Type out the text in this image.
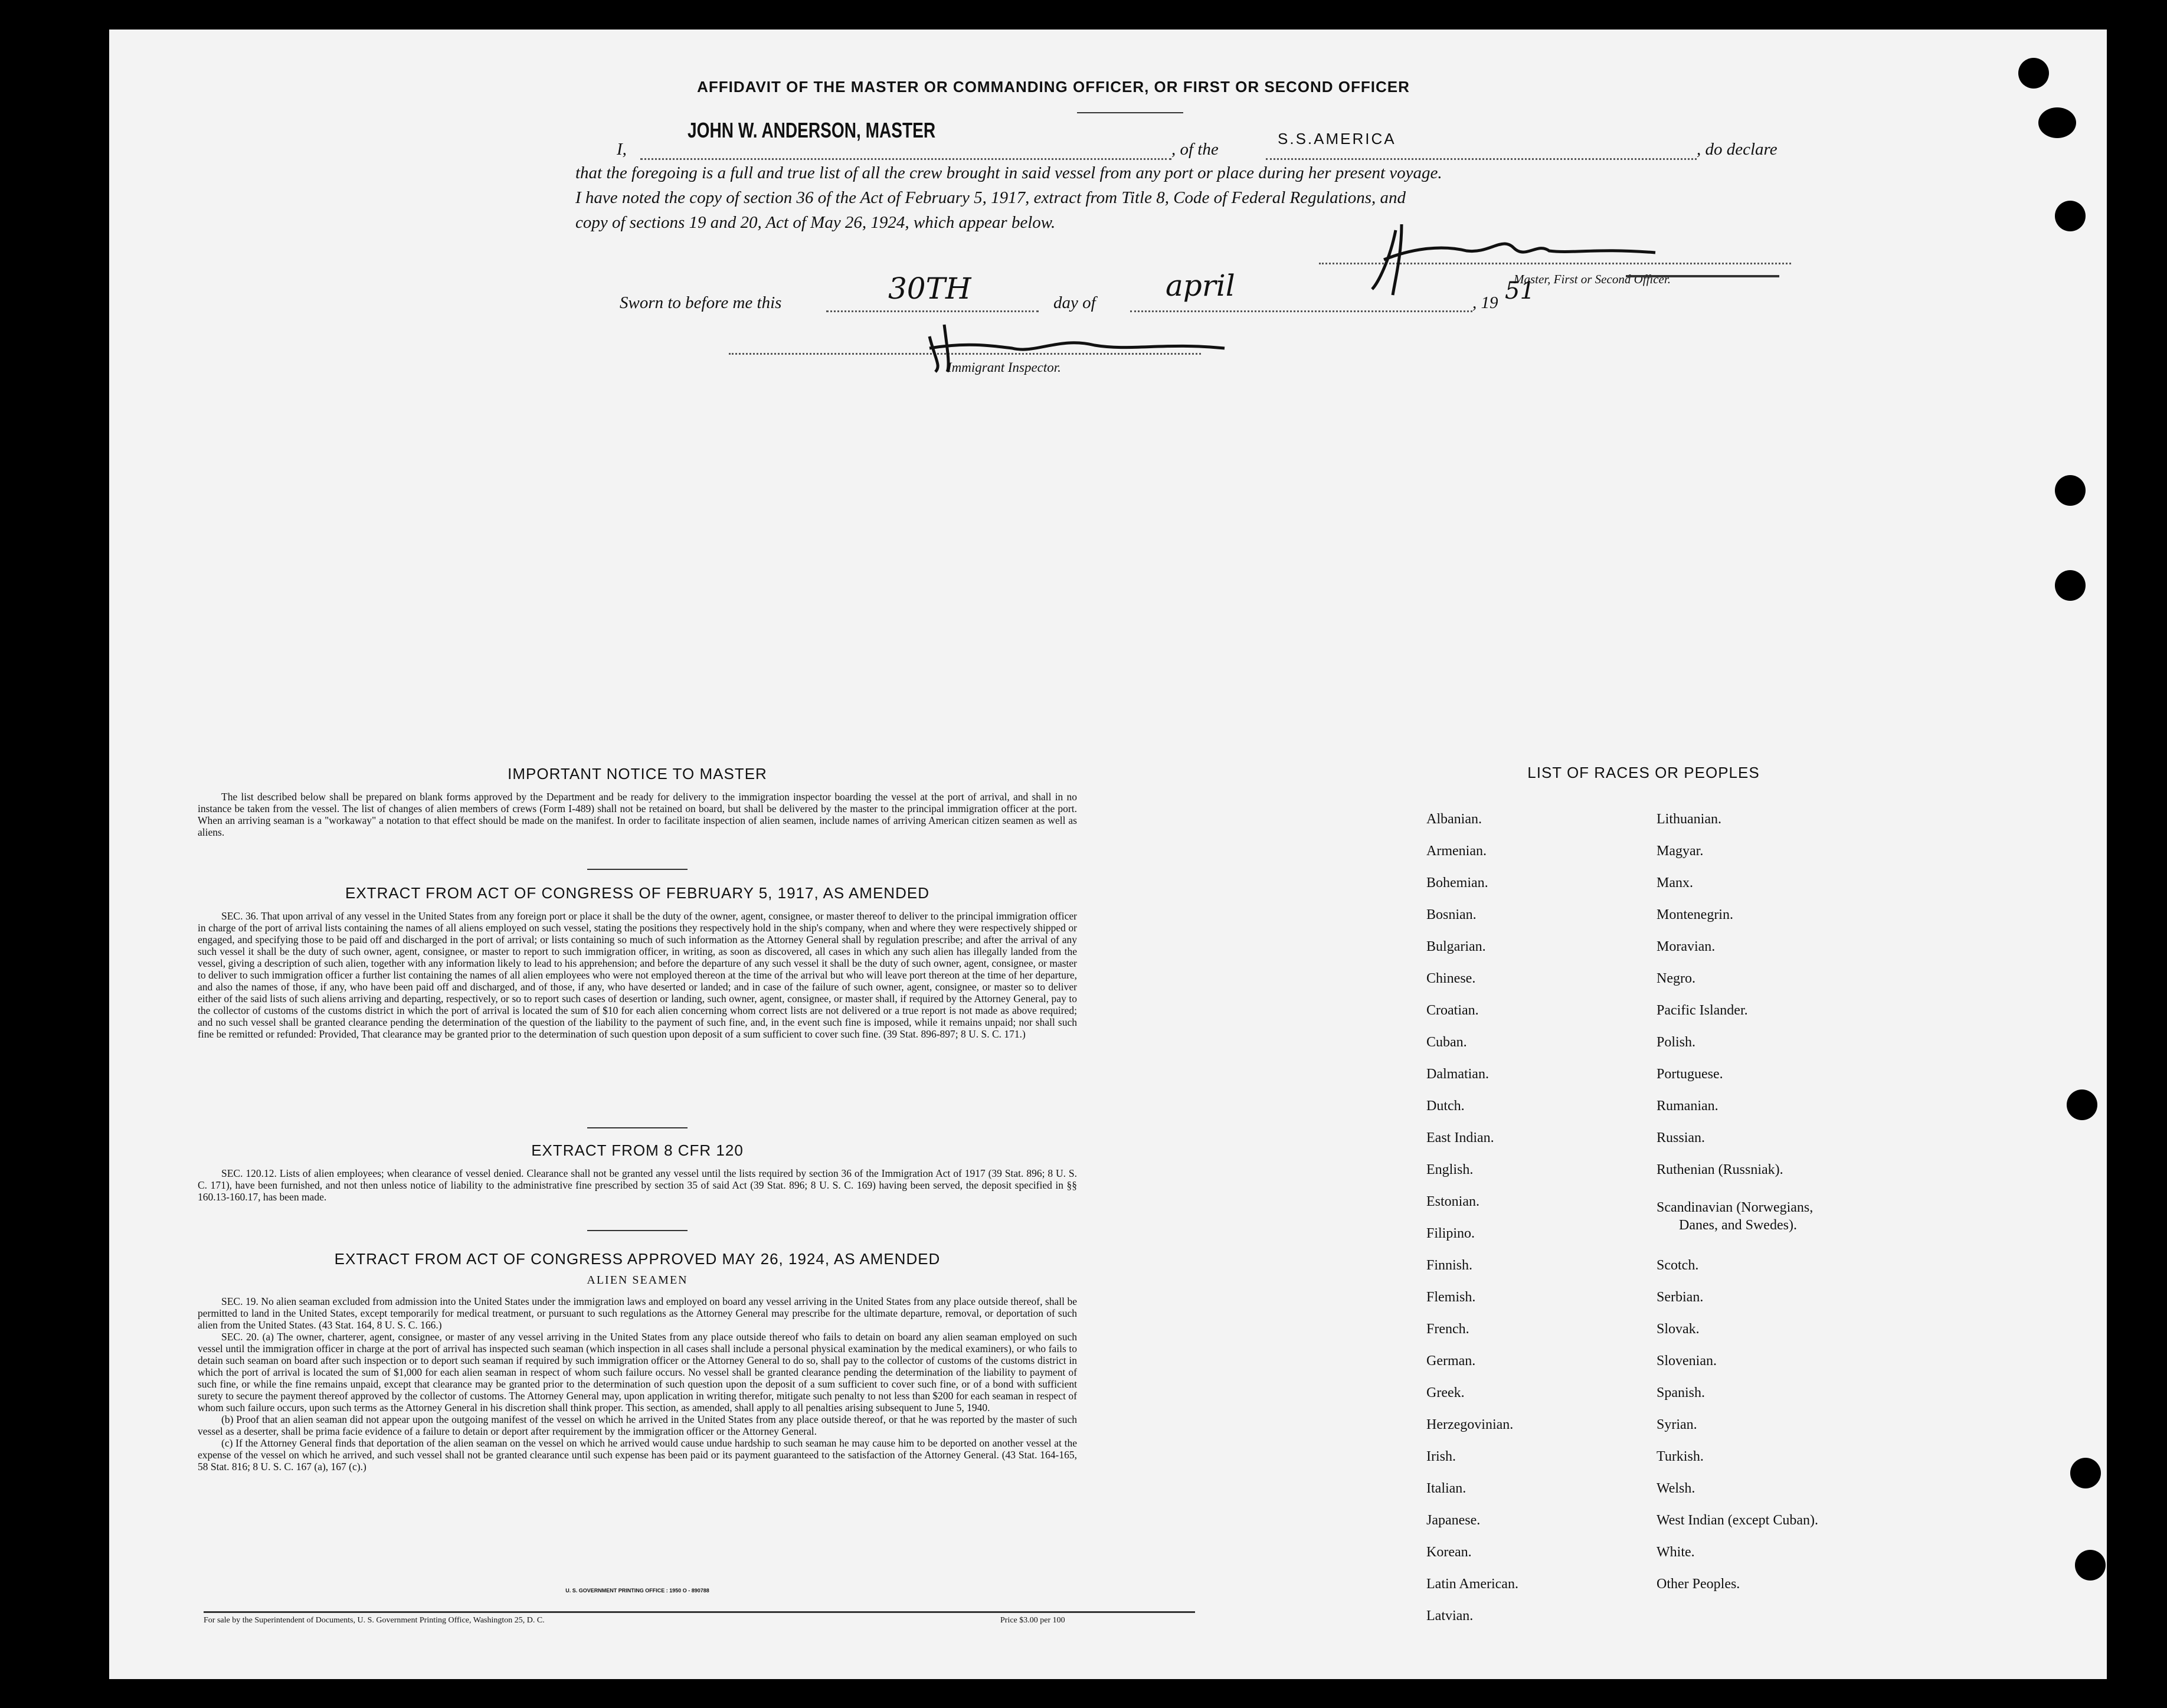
AFFIDAVIT OF THE MASTER OR COMMANDING OFFICER, OR FIRST OR SECOND OFFICER
I,
JOHN W. ANDERSON, MASTER
, of the
S.S.AMERICA
, do declare
that the foregoing is a full and true list of all the crew brought in said vessel from any port or place during her present voyage.
I have noted the copy of section 36 of the Act of February 5, 1917, extract from Title 8, Code of Federal Regulations, and
copy of sections 19 and 20, Act of May 26, 1924, which appear below.
Master, First or Second Officer.
Sworn to before me this	30TH	day of april	, 19 51
Immigrant Inspector.
IMPORTANT NOTICE TO MASTER
The list described below shall be prepared on blank forms approved by the Department and be ready for delivery to the immigration inspector boarding the vessel at the port of arrival, and shall in no instance be taken from the vessel. The list of changes of alien members of crews (Form I-489) shall not be retained on board, but shall be delivered by the master to the principal immigration officer at the port. When an arriving seaman is a "workaway" a notation to that effect should be made on the manifest. In order to facilitate inspection of alien seamen, include names of arriving American citizen seamen as well as aliens.
EXTRACT FROM ACT OF CONGRESS OF FEBRUARY 5, 1917, AS AMENDED
SEC. 36. That upon arrival of any vessel in the United States from any foreign port or place it shall be the duty of the owner, agent, consignee, or master thereof to deliver to the principal immigration officer in charge of the port of arrival lists containing the names of all aliens employed on such vessel, stating the positions they respectively hold in the ship's company, when and where they were respectively shipped or engaged, and specifying those to be paid off and discharged in the port of arrival; or lists containing so much of such information as the Attorney General shall by regulation prescribe; and after the arrival of any such vessel it shall be the duty of such owner, agent, consignee, or master to report to such immigration officer, in writing, as soon as discovered, all cases in which any such alien has illegally landed from the vessel, giving a description of such alien, together with any information likely to lead to his apprehension; and before the departure of any such vessel it shall be the duty of such owner, agent, consignee, or master to deliver to such immigration officer a further list containing the names of all alien employees who were not employed thereon at the time of the arrival but who will leave port thereon at the time of her departure, and also the names of those, if any, who have been paid off and discharged, and of those, if any, who have deserted or landed; and in case of the failure of such owner, agent, consignee, or master so to deliver either of the said lists of such aliens arriving and departing, respectively, or so to report such cases of desertion or landing, such owner, agent, consignee, or master shall, if required by the Attorney General, pay to the collector of customs of the customs district in which the port of arrival is located the sum of $10 for each alien concerning whom correct lists are not delivered or a true report is not made as above required; and no such vessel shall be granted clearance pending the determination of the question of the liability to the payment of such fine, and, in the event such fine is imposed, while it remains unpaid; nor shall such fine be remitted or refunded: Provided, That clearance may be granted prior to the determination of such question upon deposit of a sum sufficient to cover such fine. (39 Stat. 896-897; 8 U. S. C. 171.)
EXTRACT FROM 8 CFR 120
SEC. 120.12. Lists of alien employees; when clearance of vessel denied. Clearance shall not be granted any vessel until the lists required by section 36 of the Immigration Act of 1917 (39 Stat. 896; 8 U. S. C. 171), have been furnished, and not then unless notice of liability to the administrative fine prescribed by section 35 of said Act (39 Stat. 896; 8 U. S. C. 169) having been served, the deposit specified in §§ 160.13-160.17, has been made.
EXTRACT FROM ACT OF CONGRESS APPROVED MAY 26, 1924, AS AMENDED
ALIEN SEAMEN
SEC. 19. No alien seaman excluded from admission into the United States under the immigration laws and employed on board any vessel arriving in the United States from any place outside thereof, shall be permitted to land in the United States, except temporarily for medical treatment, or pursuant to such regulations as the Attorney General may prescribe for the ultimate departure, removal, or deportation of such alien from the United States. (43 Stat. 164, 8 U. S. C. 166.)
SEC. 20. (a) The owner, charterer, agent, consignee, or master of any vessel arriving in the United States from any place outside thereof who fails to detain on board any alien seaman employed on such vessel until the immigration officer in charge at the port of arrival has inspected such seaman (which inspection in all cases shall include a personal physical examination by the medical examiners), or who fails to detain such seaman on board after such inspection or to deport such seaman if required by such immigration officer or the Attorney General to do so, shall pay to the collector of customs of the customs district in which the port of arrival is located the sum of $1,000 for each alien seaman in respect of whom such failure occurs. No vessel shall be granted clearance pending the determination of the liability to payment of such fine, or while the fine remains unpaid, except that clearance may be granted prior to the determination of such question upon the deposit of a sum sufficient to cover such fine, or of a bond with sufficient surety to secure the payment thereof approved by the collector of customs. The Attorney General may, upon application in writing therefor, mitigate such penalty to not less than $200 for each seaman in respect of whom such failure occurs, upon such terms as the Attorney General in his discretion shall think proper. This section, as amended, shall apply to all penalties arising subsequent to June 5, 1940.
(b) Proof that an alien seaman did not appear upon the outgoing manifest of the vessel on which he arrived in the United States from any place outside thereof, or that he was reported by the master of such vessel as a deserter, shall be prima facie evidence of a failure to detain or deport after requirement by the immigration officer or the Attorney General.
(c) If the Attorney General finds that deportation of the alien seaman on the vessel on which he arrived would cause undue hardship to such seaman he may cause him to be deported on another vessel at the expense of the vessel on which he arrived, and such vessel shall not be granted clearance until such expense has been paid or its payment guaranteed to the satisfaction of the Attorney General. (43 Stat. 164-165, 58 Stat. 816; 8 U. S. C. 167 (a), 167 (c).)
U. S. GOVERNMENT PRINTING OFFICE : 1950 O - 890788
For sale by the Superintendent of Documents, U. S. Government Printing Office, Washington 25, D. C.	Price $3.00 per 100
LIST OF RACES OR PEOPLES
Albanian.
Armenian.
Bohemian.
Bosnian.
Bulgarian.
Chinese.
Croatian.
Cuban.
Dalmatian.
Dutch.
East Indian.
English.
Estonian.
Filipino.
Finnish.
Flemish.
French.
German.
Greek.
Herzegovinian.
Irish.
Italian.
Japanese.
Korean.
Latin American.
Latvian.
Lithuanian.
Magyar.
Manx.
Montenegrin.
Moravian.
Negro.
Pacific Islander.
Polish.
Portuguese.
Rumanian.
Russian.
Ruthenian (Russniak).
Scandinavian (Norwegians,
Danes, and Swedes).
Scotch.
Serbian.
Slovak.
Slovenian.
Spanish.
Syrian.
Turkish.
Welsh.
West Indian (except Cuban).
White.
Other Peoples.
